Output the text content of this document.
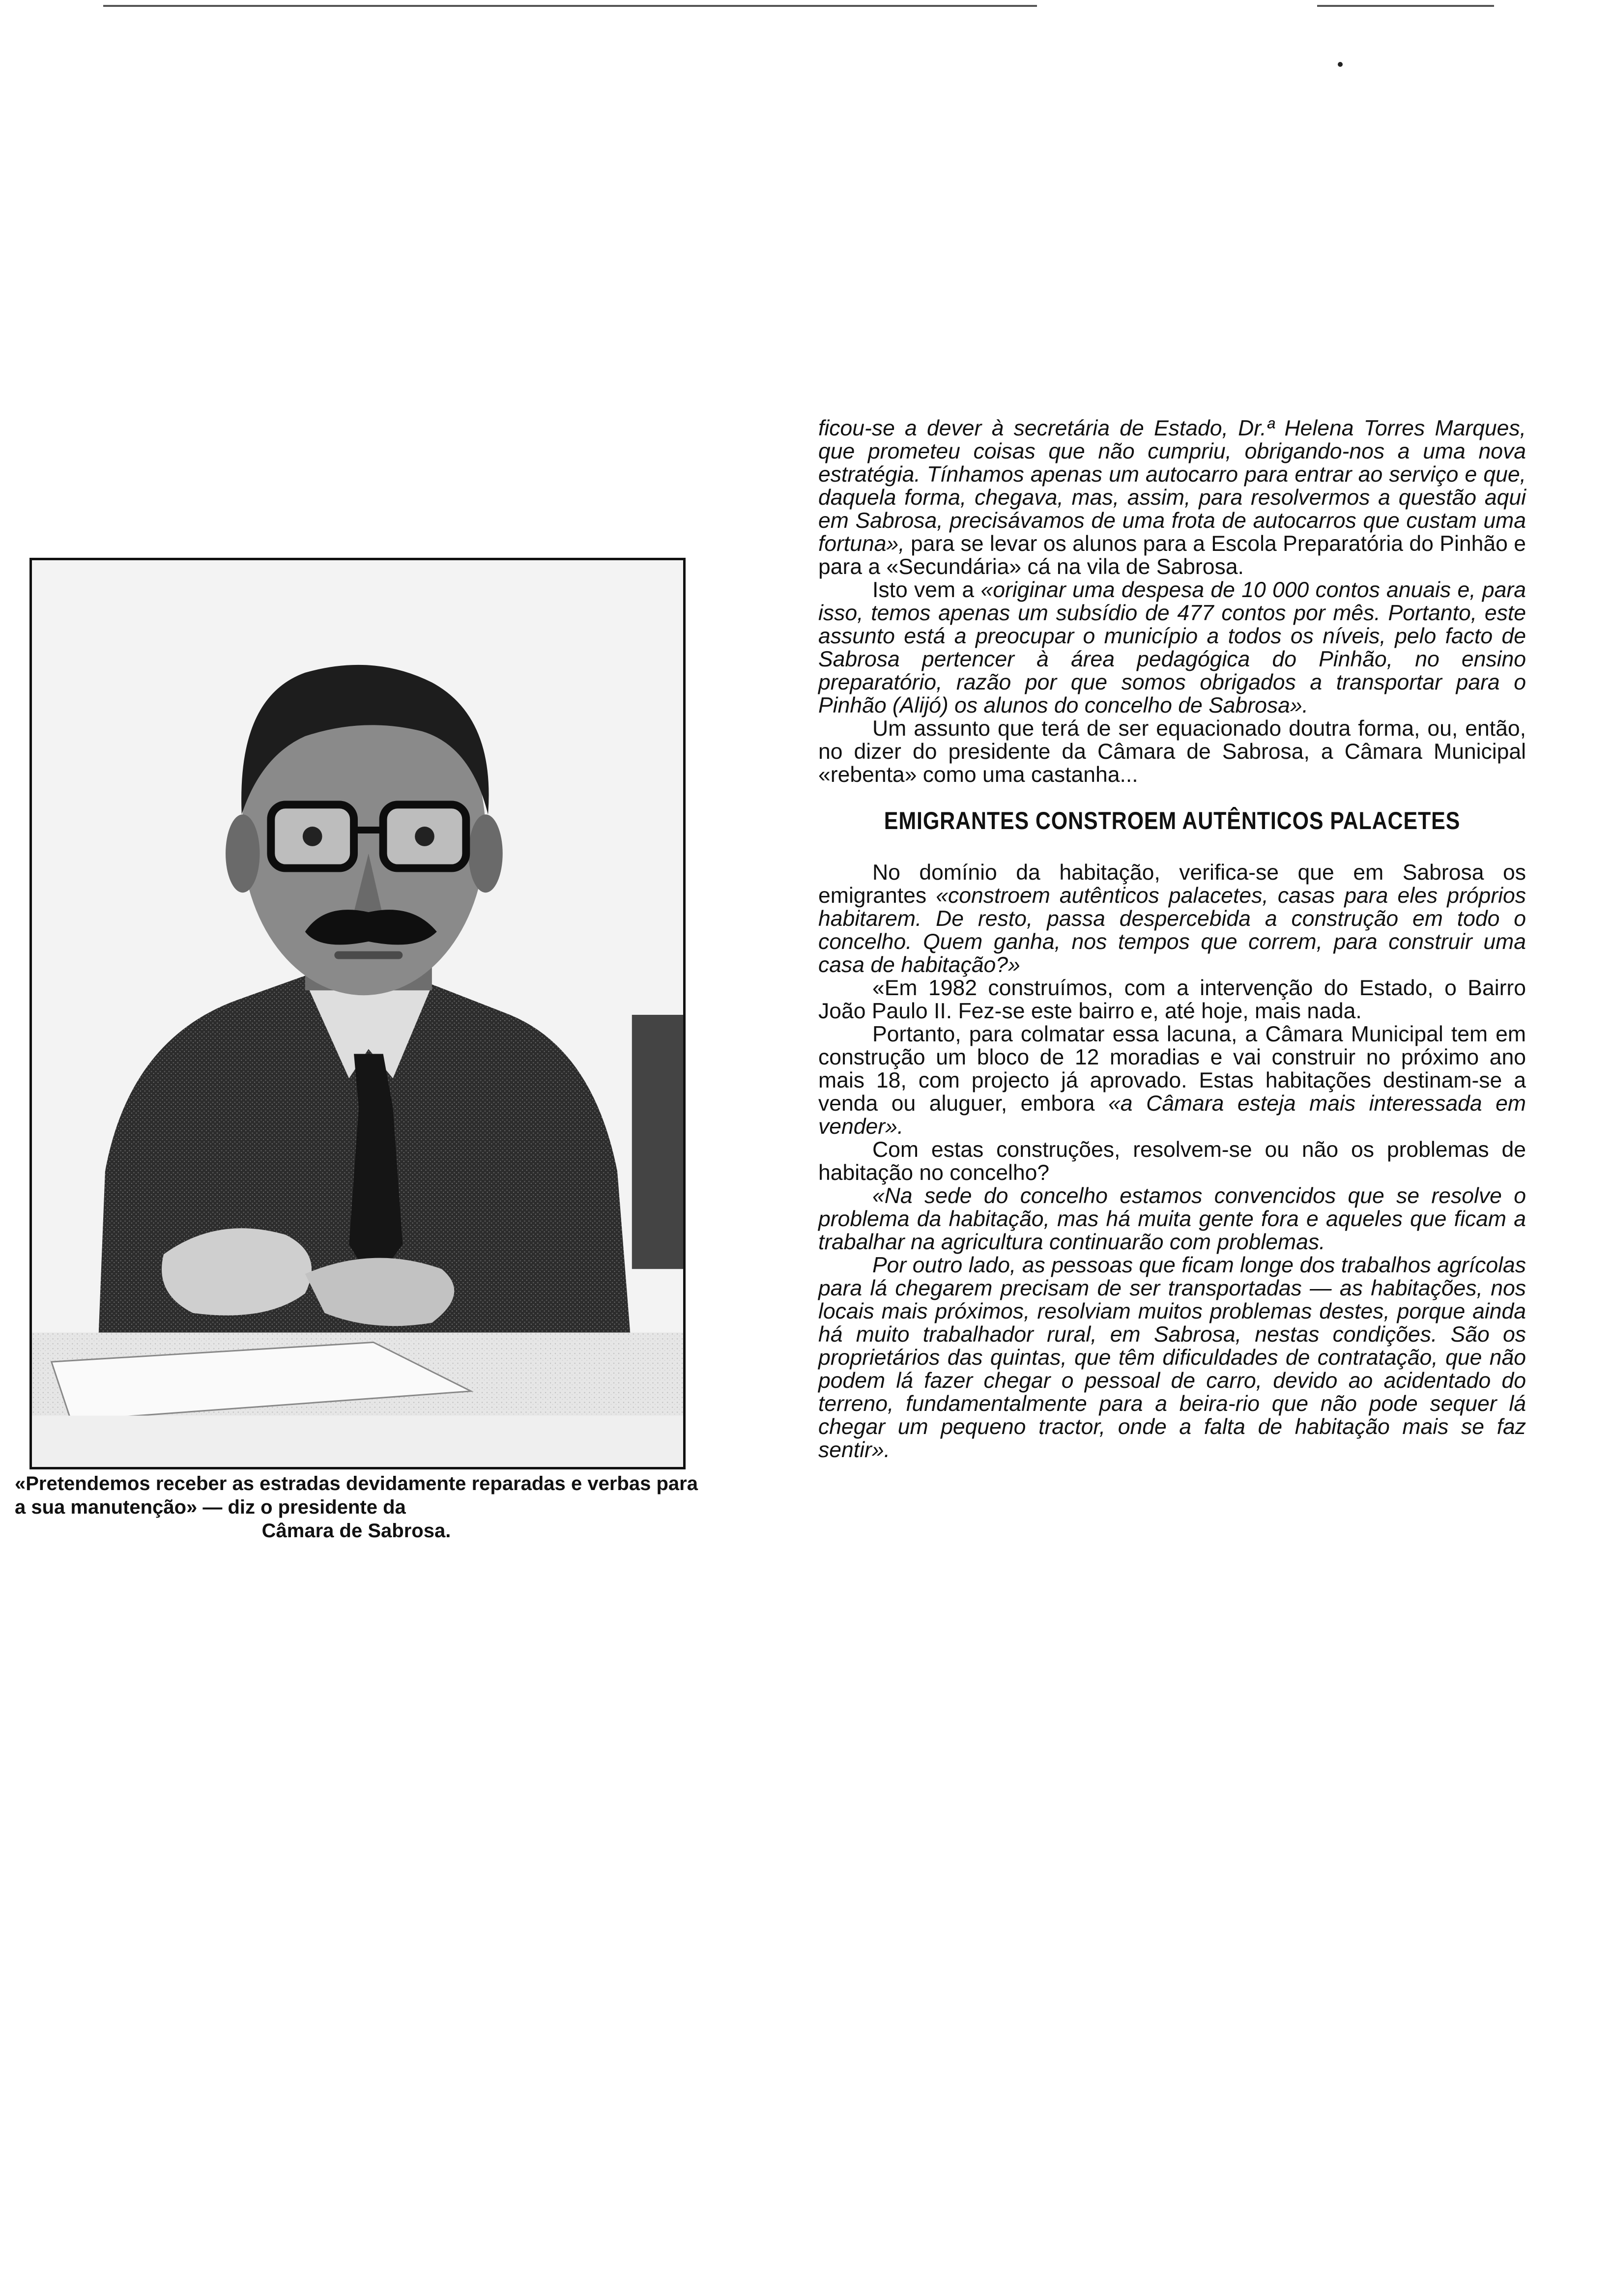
«Pretendemos receber as estradas devidamente reparadas e verbas para a sua manutenção» — diz o presidente da
Câmara de Sabrosa.

ficou-se a dever à secretária de Estado, Dr.ª Helena Torres Marques, que prometeu coisas que não cumpriu, obrigando-nos a uma nova estratégia. Tínhamos apenas um autocarro para entrar ao serviço e que, daquela forma, chegava, mas, assim, para resolvermos a questão aqui em Sabrosa, precisávamos de uma frota de autocarros que custam uma fortuna», para se levar os alunos para a Escola Preparatória do Pinhão e para a «Secundária» cá na vila de Sabrosa.

Isto vem a «originar uma despesa de 10 000 contos anuais e, para isso, temos apenas um subsídio de 477 contos por mês. Portanto, este assunto está a preocupar o município a todos os níveis, pelo facto de Sabrosa pertencer à área pedagógica do Pinhão, no ensino preparatório, razão por que somos obrigados a transportar para o Pinhão (Alijó) os alunos do concelho de Sabrosa».

Um assunto que terá de ser equacionado doutra forma, ou, então, no dizer do presidente da Câmara de Sabrosa, a Câmara Municipal «rebenta» como uma castanha...

EMIGRANTES CONSTROEM AUTÊNTICOS PALACETES

No domínio da habitação, verifica-se que em Sabrosa os emigrantes «constroem autênticos palacetes, casas para eles próprios habitarem. De resto, passa despercebida a construção em todo o concelho. Quem ganha, nos tempos que correm, para construir uma casa de habitação?»

«Em 1982 construímos, com a intervenção do Estado, o Bairro João Paulo II. Fez-se este bairro e, até hoje, mais nada.

Portanto, para colmatar essa lacuna, a Câmara Municipal tem em construção um bloco de 12 moradias e vai construir no próximo ano mais 18, com projecto já aprovado. Estas habitações destinam-se a venda ou aluguer, embora «a Câmara esteja mais interessada em vender».

Com estas construções, resolvem-se ou não os problemas de habitação no concelho?

«Na sede do concelho estamos convencidos que se resolve o problema da habitação, mas há muita gente fora e aqueles que ficam a trabalhar na agricultura continuarão com problemas.

Por outro lado, as pessoas que ficam longe dos trabalhos agrícolas para lá chegarem precisam de ser transportadas — as habitações, nos locais mais próximos, resolviam muitos problemas destes, porque ainda há muito trabalhador rural, em Sabrosa, nestas condições. São os proprietários das quintas, que têm dificuldades de contratação, que não podem lá fazer chegar o pessoal de carro, devido ao acidentado do terreno, fundamentalmente para a beira-rio que não pode sequer lá chegar um pequeno tractor, onde a falta de habitação mais se faz sentir».
